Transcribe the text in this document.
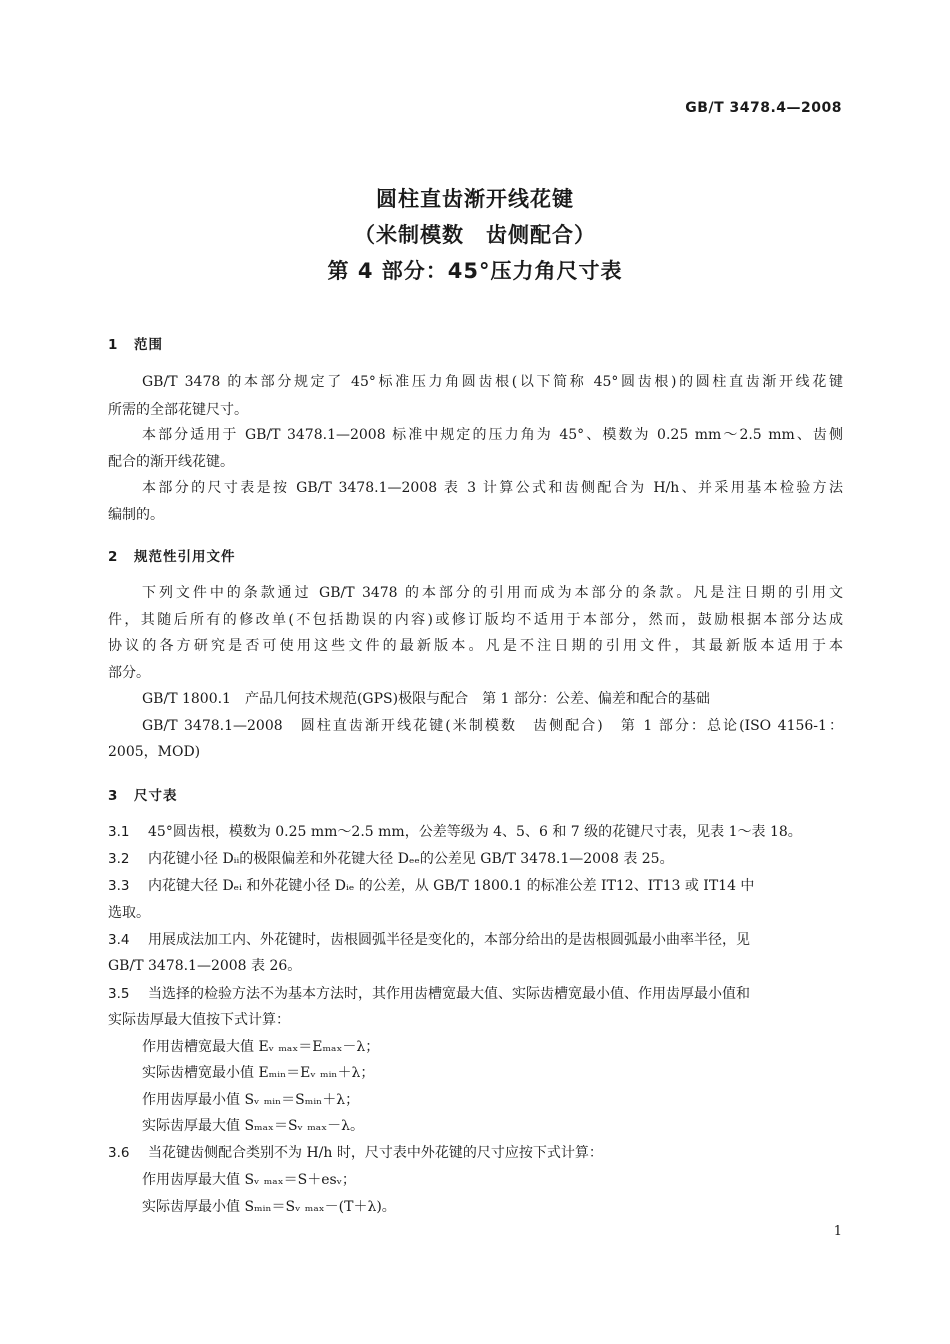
GB/T 3478.4—2008
圆柱直齿渐开线花键
（米制模数　齿侧配合）
第 4 部分：45°压力角尺寸表
1 范围
GB/T 3478 的本部分规定了 45°标准压力角圆齿根(以下简称 45°圆齿根)的圆柱直齿渐开线花键
所需的全部花键尺寸。
本部分适用于 GB/T 3478.1—2008 标准中规定的压力角为 45°、模数为 0.25 mm～2.5 mm、齿侧
配合的渐开线花键。
本部分的尺寸表是按 GB/T 3478.1—2008 表 3 计算公式和齿侧配合为 H/h、并采用基本检验方法
编制的。
2 规范性引用文件
下列文件中的条款通过 GB/T 3478 的本部分的引用而成为本部分的条款。凡是注日期的引用文
件，其随后所有的修改单(不包括勘误的内容)或修订版均不适用于本部分，然而，鼓励根据本部分达成
协议的各方研究是否可使用这些文件的最新版本。凡是不注日期的引用文件，其最新版本适用于本
部分。
GB/T 1800.1　产品几何技术规范(GPS)极限与配合　第 1 部分：公差、偏差和配合的基础
GB/T 3478.1—2008　圆柱直齿渐开线花键(米制模数　齿侧配合)　第 1 部分：总论(ISO 4156-1：
2005，MOD)
3 尺寸表
3.1 45°圆齿根，模数为 0.25 mm～2.5 mm，公差等级为 4、5、6 和 7 级的花键尺寸表，见表 1～表 18。
3.2 内花键小径 Dᵢᵢ的极限偏差和外花键大径 Dₑₑ的公差见 GB/T 3478.1—2008 表 25。
3.3 内花键大径 Dₑᵢ 和外花键小径 Dᵢₑ 的公差，从 GB/T 1800.1 的标准公差 IT12、IT13 或 IT14 中
选取。
3.4 用展成法加工内、外花键时，齿根圆弧半径是变化的，本部分给出的是齿根圆弧最小曲率半径，见
GB/T 3478.1—2008 表 26。
3.5 当选择的检验方法不为基本方法时，其作用齿槽宽最大值、实际齿槽宽最小值、作用齿厚最小值和
实际齿厚最大值按下式计算：
作用齿槽宽最大值 Eᵥ ₘₐₓ＝Eₘₐₓ－λ；
实际齿槽宽最小值 Eₘᵢₙ＝Eᵥ ₘᵢₙ＋λ；
作用齿厚最小值 Sᵥ ₘᵢₙ＝Sₘᵢₙ＋λ；
实际齿厚最大值 Sₘₐₓ＝Sᵥ ₘₐₓ－λ。
3.6 当花键齿侧配合类别不为 H/h 时，尺寸表中外花键的尺寸应按下式计算：
作用齿厚最大值 Sᵥ ₘₐₓ＝S＋esᵥ；
实际齿厚最小值 Sₘᵢₙ＝Sᵥ ₘₐₓ－(T＋λ)。
1
